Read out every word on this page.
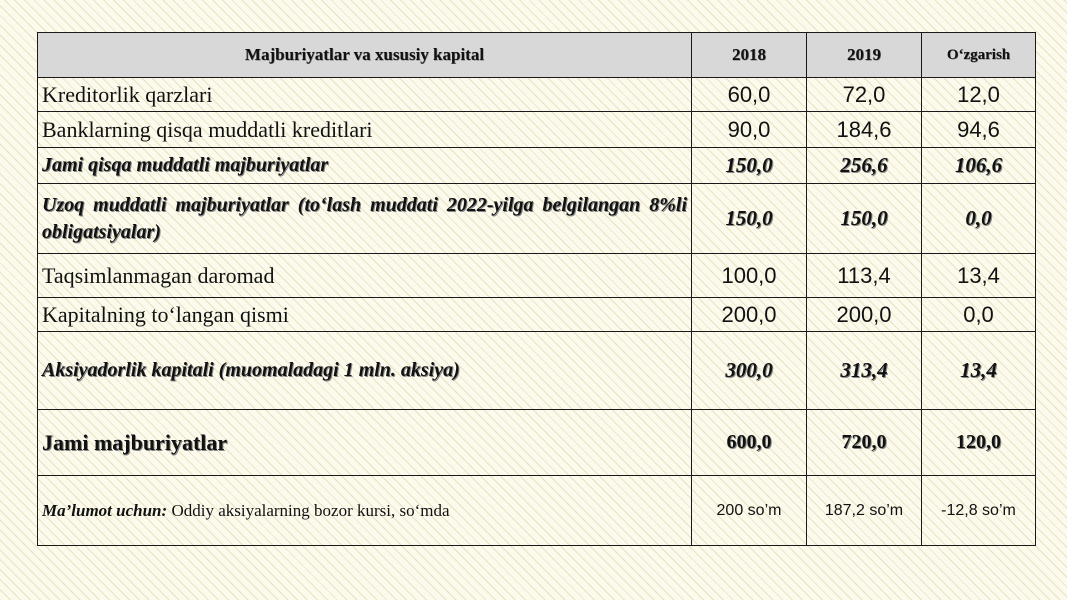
Majburiyatlar va xususiy kapital	2018	2019	O‘zgarish
Kreditorlik qarzlari	60,0	72,0	12,0
Banklarning qisqa muddatli kreditlari	90,0	184,6	94,6
Jami qisqa muddatli majburiyatlar	150,0	256,6	106,6
Uzoq muddatli majburiyatlar (to‘lash muddati 2022-yilga belgilangan 8%li obligatsiyalar)	150,0	150,0	0,0
Taqsimlanmagan daromad	100,0	113,4	13,4
Kapitalning to‘langan qismi	200,0	200,0	0,0
Aksiyadorlik kapitali (muomaladagi 1 mln. aksiya)	300,0	313,4	13,4
Jami majburiyatlar	600,0	720,0	120,0
Ma’lumot uchun: Oddiy aksiyalarning bozor kursi, so‘mda	200 so’m	187,2 so’m	-12,8 so’m
